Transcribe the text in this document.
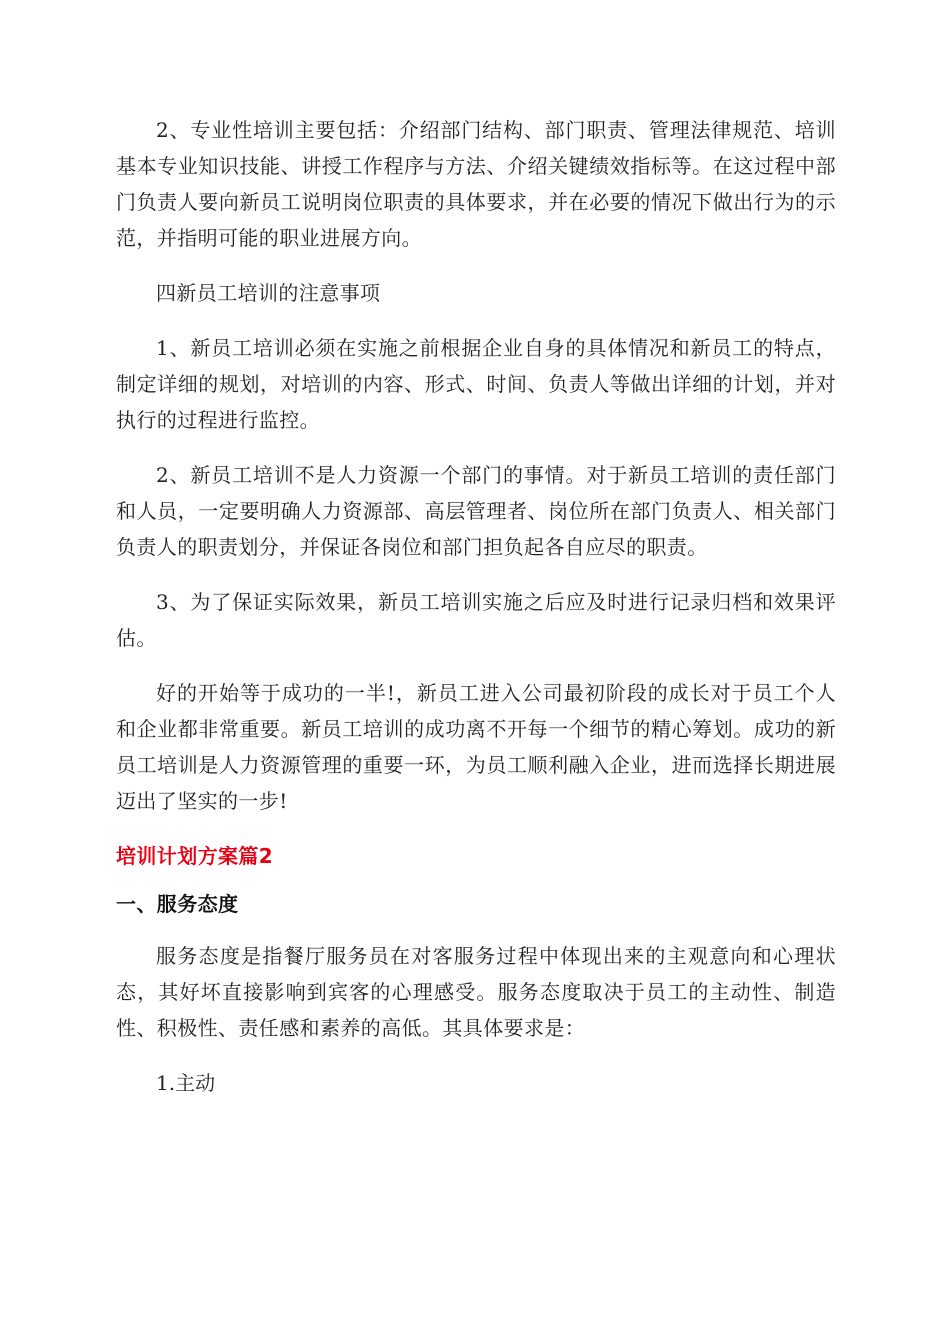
2、专业性培训主要包括：介绍部门结构、部门职责、管理法律规范、培训基本专业知识技能、讲授工作程序与方法、介绍关键绩效指标等。在这过程中部门负责人要向新员工说明岗位职责的具体要求，并在必要的情况下做出行为的示范，并指明可能的职业进展方向。

四新员工培训的注意事项

1、新员工培训必须在实施之前根据企业自身的具体情况和新员工的特点，制定详细的规划，对培训的内容、形式、时间、负责人等做出详细的计划，并对执行的过程进行监控。

2、新员工培训不是人力资源一个部门的事情。对于新员工培训的责任部门和人员，一定要明确人力资源部、高层管理者、岗位所在部门负责人、相关部门负责人的职责划分，并保证各岗位和部门担负起各自应尽的职责。

3、为了保证实际效果，新员工培训实施之后应及时进行记录归档和效果评估。

好的开始等于成功的一半!，新员工进入公司最初阶段的成长对于员工个人和企业都非常重要。新员工培训的成功离不开每一个细节的精心筹划。成功的新员工培训是人力资源管理的重要一环，为员工顺利融入企业，进而选择长期进展迈出了坚实的一步!

培训计划方案篇2
一、服务态度

服务态度是指餐厅服务员在对客服务过程中体现出来的主观意向和心理状态，其好坏直接影响到宾客的心理感受。服务态度取决于员工的主动性、制造性、积极性、责任感和素养的高低。其具体要求是：

1.主动
